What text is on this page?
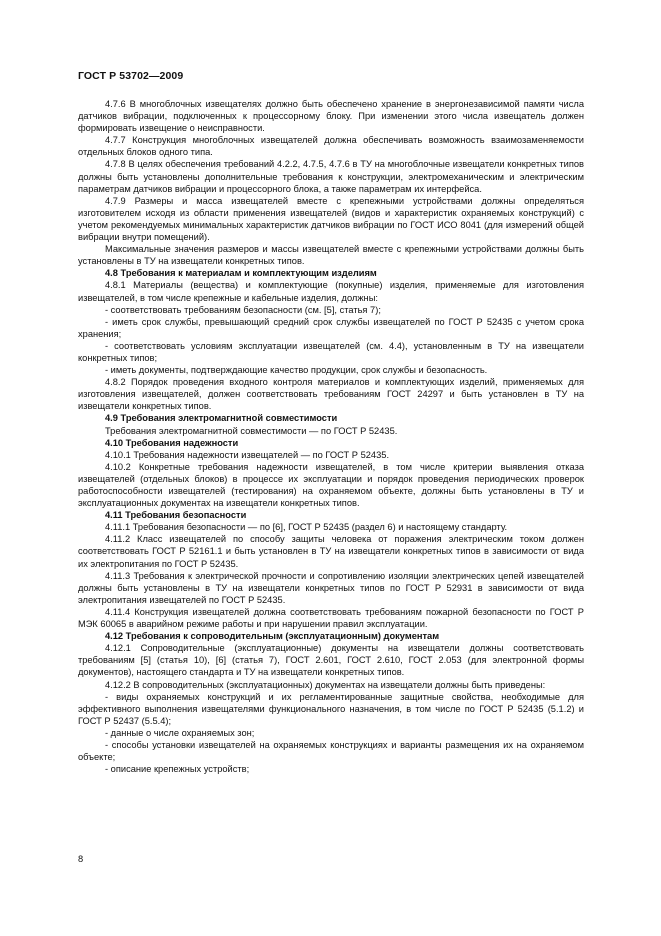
ГОСТ Р 53702—2009

4.7.6 В многоблочных извещателях должно быть обеспечено хранение в энергонезависимой памяти числа датчиков вибрации, подключенных к процессорному блоку. При изменении этого числа извещатель должен формировать извещение о неисправности.

4.7.7 Конструкция многоблочных извещателей должна обеспечивать возможность взаимозаменяемости отдельных блоков одного типа.

4.7.8 В целях обеспечения требований 4.2.2, 4.7.5, 4.7.6 в ТУ на многоблочные извещатели конкретных типов должны быть установлены дополнительные требования к конструкции, электромеханическим и электрическим параметрам датчиков вибрации и процессорного блока, а также параметрам их интерфейса.

4.7.9 Размеры и масса извещателей вместе с крепежными устройствами должны определяться изготовителем исходя из области применения извещателей (видов и характеристик охраняемых конструкций) с учетом рекомендуемых минимальных характеристик датчиков вибрации по ГОСТ ИСО 8041 (для измерений общей вибрации внутри помещений).

Максимальные значения размеров и массы извещателей вместе с крепежными устройствами должны быть установлены в ТУ на извещатели конкретных типов.

4.8 Требования к материалам и комплектующим изделиям

4.8.1 Материалы (вещества) и комплектующие (покупные) изделия, применяемые для изготовления извещателей, в том числе крепежные и кабельные изделия, должны:

- соответствовать требованиям безопасности (см. [5], статья 7);

- иметь срок службы, превышающий средний срок службы извещателей по ГОСТ Р 52435 с учетом срока хранения;

- соответствовать условиям эксплуатации извещателей (см. 4.4), установленным в ТУ на извещатели конкретных типов;

- иметь документы, подтверждающие качество продукции, срок службы и безопасность.

4.8.2 Порядок проведения входного контроля материалов и комплектующих изделий, применяемых для изготовления извещателей, должен соответствовать требованиям ГОСТ 24297 и быть установлен в ТУ на извещатели конкретных типов.

4.9 Требования электромагнитной совместимости

Требования электромагнитной совместимости — по ГОСТ Р 52435.

4.10 Требования надежности

4.10.1 Требования надежности извещателей — по ГОСТ Р 52435.

4.10.2 Конкретные требования надежности извещателей, в том числе критерии выявления отказа извещателей (отдельных блоков) в процессе их эксплуатации и порядок проведения периодических проверок работоспособности извещателей (тестирования) на охраняемом объекте, должны быть установлены в ТУ и эксплуатационных документах на извещатели конкретных типов.

4.11 Требования безопасности

4.11.1 Требования безопасности — по [6], ГОСТ Р 52435 (раздел 6) и настоящему стандарту.

4.11.2 Класс извещателей по способу защиты человека от поражения электрическим током должен соответствовать ГОСТ Р 52161.1 и быть установлен в ТУ на извещатели конкретных типов в зависимости от вида их электропитания по ГОСТ Р 52435.

4.11.3 Требования к электрической прочности и сопротивлению изоляции электрических цепей извещателей должны быть установлены в ТУ на извещатели конкретных типов по ГОСТ Р 52931 в зависимости от вида электропитания извещателей по ГОСТ Р 52435.

4.11.4 Конструкция извещателей должна соответствовать требованиям пожарной безопасности по ГОСТ Р МЭК 60065 в аварийном режиме работы и при нарушении правил эксплуатации.

4.12 Требования к сопроводительным (эксплуатационным) документам

4.12.1 Сопроводительные (эксплуатационные) документы на извещатели должны соответствовать требованиям [5] (статья 10), [6] (статья 7), ГОСТ 2.601, ГОСТ 2.610, ГОСТ 2.053 (для электронной формы документов), настоящего стандарта и ТУ на извещатели конкретных типов.

4.12.2 В сопроводительных (эксплуатационных) документах на извещатели должны быть приведены:

- виды охраняемых конструкций и их регламентированные защитные свойства, необходимые для эффективного выполнения извещателями функционального назначения, в том числе по ГОСТ Р 52435 (5.1.2) и ГОСТ Р 52437 (5.5.4);

- данные о числе охраняемых зон;

- способы установки извещателей на охраняемых конструкциях и варианты размещения их на охраняемом объекте;

- описание крепежных устройств;

8
